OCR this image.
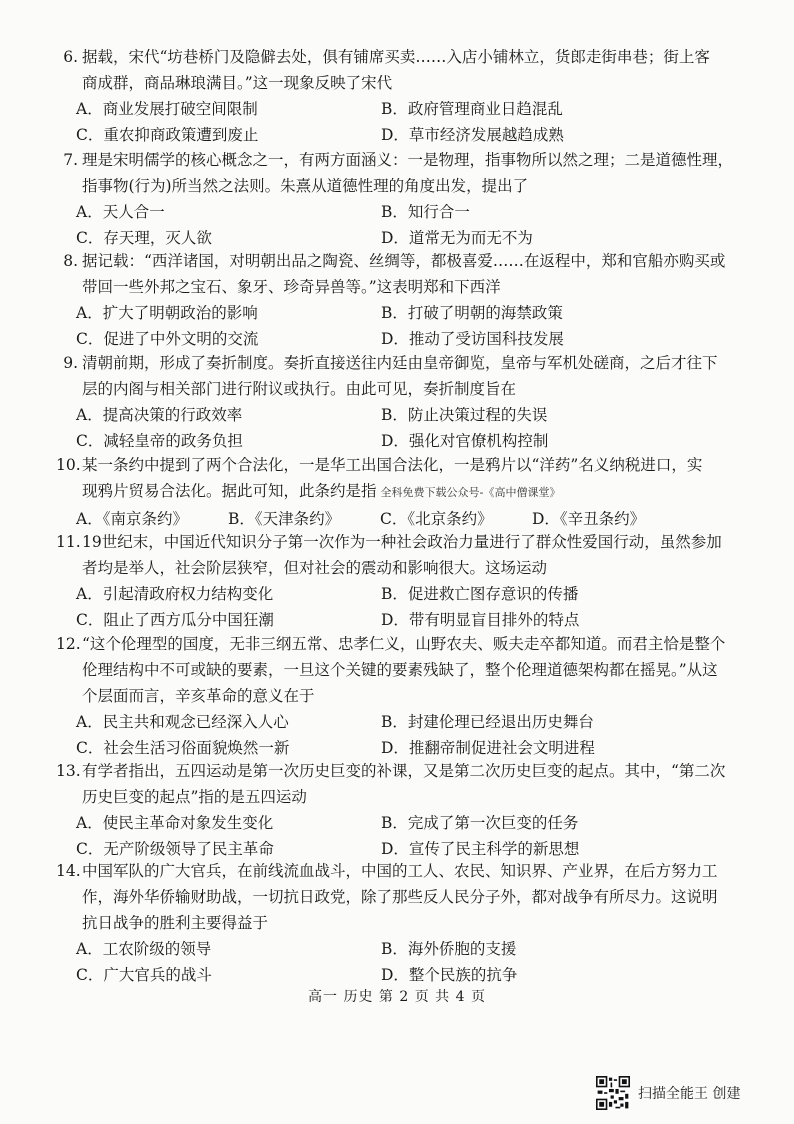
6. 据载，宋代“坊巷桥门及隐僻去处，俱有铺席买卖……入店小铺林立，货郎走街串巷；街上客
商成群，商品琳琅满目。”这一现象反映了宋代
A．商业发展打破空间限制	B．政府管理商业日趋混乱
C．重农抑商政策遭到废止	D．草市经济发展越趋成熟
7. 理是宋明儒学的核心概念之一，有两方面涵义：一是物理，指事物所以然之理；二是道德性理，
指事物(行为)所当然之法则。朱熹从道德性理的角度出发，提出了
A．天人合一	B．知行合一
C．存天理，灭人欲	D．道常无为而无不为
8. 据记载：“西洋诸国，对明朝出品之陶瓷、丝绸等，都极喜爱……在返程中，郑和官船亦购买或
带回一些外邦之宝石、象牙、珍奇异兽等。”这表明郑和下西洋
A．扩大了明朝政治的影响	B．打破了明朝的海禁政策
C．促进了中外文明的交流	D．推动了受访国科技发展
9. 清朝前期，形成了奏折制度。奏折直接送往内廷由皇帝御览，皇帝与军机处磋商，之后才往下
层的内阁与相关部门进行附议或执行。由此可见，奏折制度旨在
A．提高决策的行政效率	B．防止决策过程的失误
C．减轻皇帝的政务负担	D．强化对官僚机构控制
10.某一条约中提到了两个合法化，一是华工出国合法化，一是鸦片以“洋药”名义纳税进口，实
现鸦片贸易合法化。据此可知，此条约是指 全科免费下载公众号-《高中僧课堂》
A．《南京条约》	B．《天津条约》	C．《北京条约》	D．《辛丑条约》
11.19世纪末，中国近代知识分子第一次作为一种社会政治力量进行了群众性爱国行动，虽然参加
者均是举人，社会阶层狭窄，但对社会的震动和影响很大。这场运动
A．引起清政府权力结构变化	B．促进救亡图存意识的传播
C．阻止了西方瓜分中国狂潮	D．带有明显盲目排外的特点
12.“这个伦理型的国度，无非三纲五常、忠孝仁义，山野农夫、贩夫走卒都知道。而君主恰是整个
伦理结构中不可或缺的要素，一旦这个关键的要素残缺了，整个伦理道德架构都在摇晃。”从这
个层面而言，辛亥革命的意义在于
A．民主共和观念已经深入人心	B．封建伦理已经退出历史舞台
C．社会生活习俗面貌焕然一新	D．推翻帝制促进社会文明进程
13.有学者指出，五四运动是第一次历史巨变的补课，又是第二次历史巨变的起点。其中，“第二次
历史巨变的起点”指的是五四运动
A．使民主革命对象发生变化	B．完成了第一次巨变的任务
C．无产阶级领导了民主革命	D．宣传了民主科学的新思想
14.中国军队的广大官兵，在前线流血战斗，中国的工人、农民、知识界、产业界，在后方努力工
作，海外华侨输财助战，一切抗日政党，除了那些反人民分子外，都对战争有所尽力。这说明
抗日战争的胜利主要得益于
A．工农阶级的领导	B．海外侨胞的支援
C．广大官兵的战斗	D．整个民族的抗争
高一 历史 第 2 页 共 4 页
扫描全能王 创建
